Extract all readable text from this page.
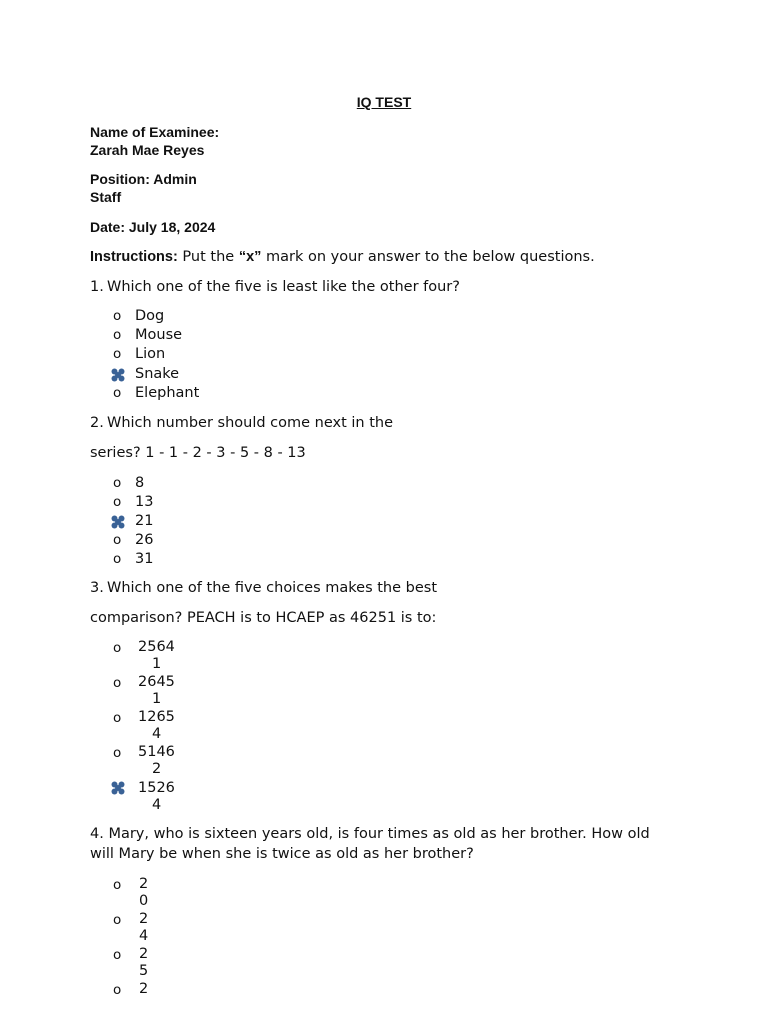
IQ TEST
Name of Examinee:
Zarah Mae Reyes
Position: Admin
Staff
Date: July 18, 2024
Instructions: Put the “x” mark on your answer to the below questions.
1. Which one of the five is least like the other four?
o Dog
o Mouse
o Lion
Snake
o Elephant
2. Which number should come next in the
series? 1 - 1 - 2 - 3 - 5 - 8 - 13
o 8
o 13
21
o 26
o 31
3. Which one of the five choices makes the best
comparison? PEACH is to HCAEP as 46251 is to:
o 2564
1
o 2645
1
o 1265
4
o 5146
2
1526
4
4. Mary, who is sixteen years old, is four times as old as her brother. How old
will Mary be when she is twice as old as her brother?
o 2
0
o 2
4
o 2
5
o 2
